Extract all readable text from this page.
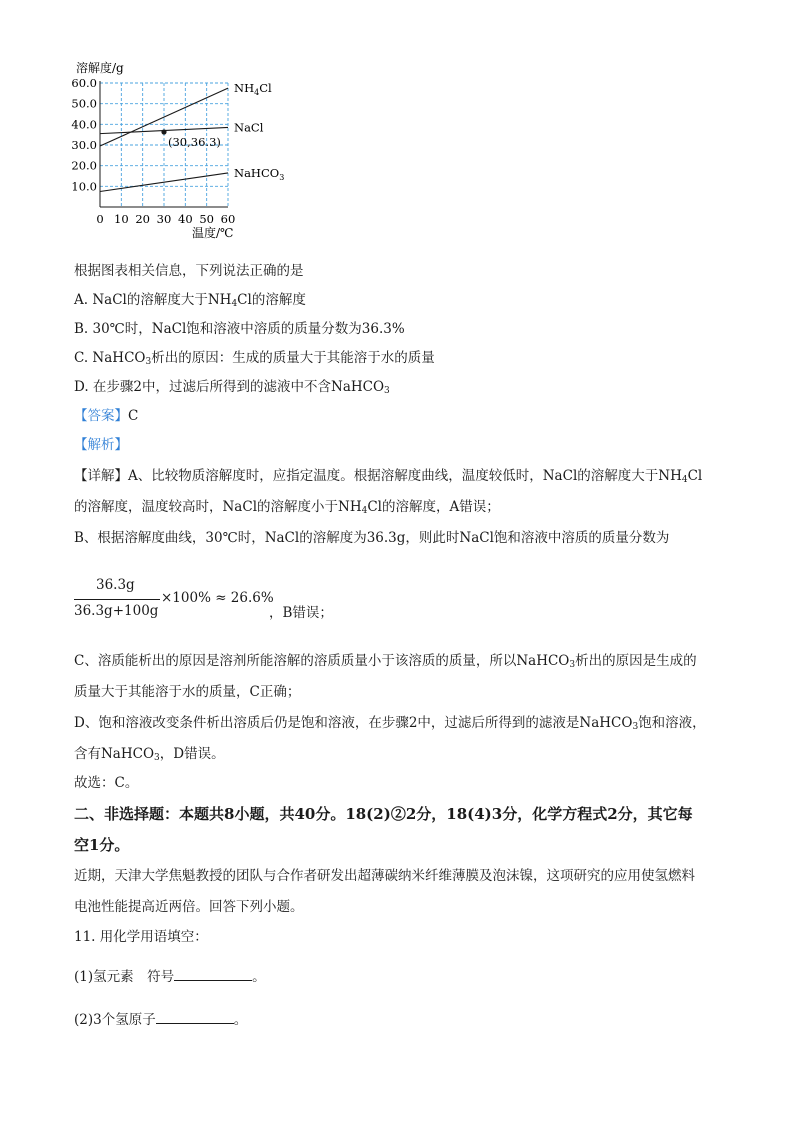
溶解度/g
60.0
50.0
40.0
30.0
20.0
10.0
0 10 20 30 40 50 60
$NH_4Cl$
NaCl
NaHCO$_3$
(30,36.3)
温度/℃
根据图表相关信息，下列说法正确的是
A. NaCl的溶解度大于$NH_4Cl$的溶解度
B. 30℃时，NaCl饱和溶液中溶质的质量分数为36.3%
C. NaHCO$_3$析出的原因：生成的质量大于其能溶于水的质量
D. 在步骤2中，过滤后所得到的滤液中不含NaHCO$_3$
【答案】C
【解析】
【详解】A、比较物质溶解度时，应指定温度。根据溶解度曲线，温度较低时，NaCl的溶解度大于$NH_4Cl$
的溶解度，温度较高时，NaCl的溶解度小于$NH_4Cl$的溶解度，A错误；
B、根据溶解度曲线，30℃时，NaCl的溶解度为36.3g，则此时NaCl饱和溶液中溶质的质量分数为
36.3g
36.3g+100g
×100% ≈ 26.6%
，B错误；
C、溶质能析出的原因是溶剂所能溶解的溶质质量小于该溶质的质量，所以NaHCO$_3$析出的原因是生成的
质量大于其能溶于水的质量，C正确；
D、饱和溶液改变条件析出溶质后仍是饱和溶液，在步骤2中，过滤后所得到的滤液是NaHCO$_3$饱和溶液，
含有NaHCO$_3$，D错误。
故选：C。
二、非选择题：本题共8小题，共40分。18(2)②2分，18(4)3分，化学方程式2分，其它每
空1分。
近期，天津大学焦魁教授的团队与合作者研发出超薄碳纳米纤维薄膜及泡沫镍，这项研究的应用使氢燃料
电池性能提高近两倍。回答下列小题。
11. 用化学用语填空：
(1)氢元素　符号	。
(2)3个氢原子	。
